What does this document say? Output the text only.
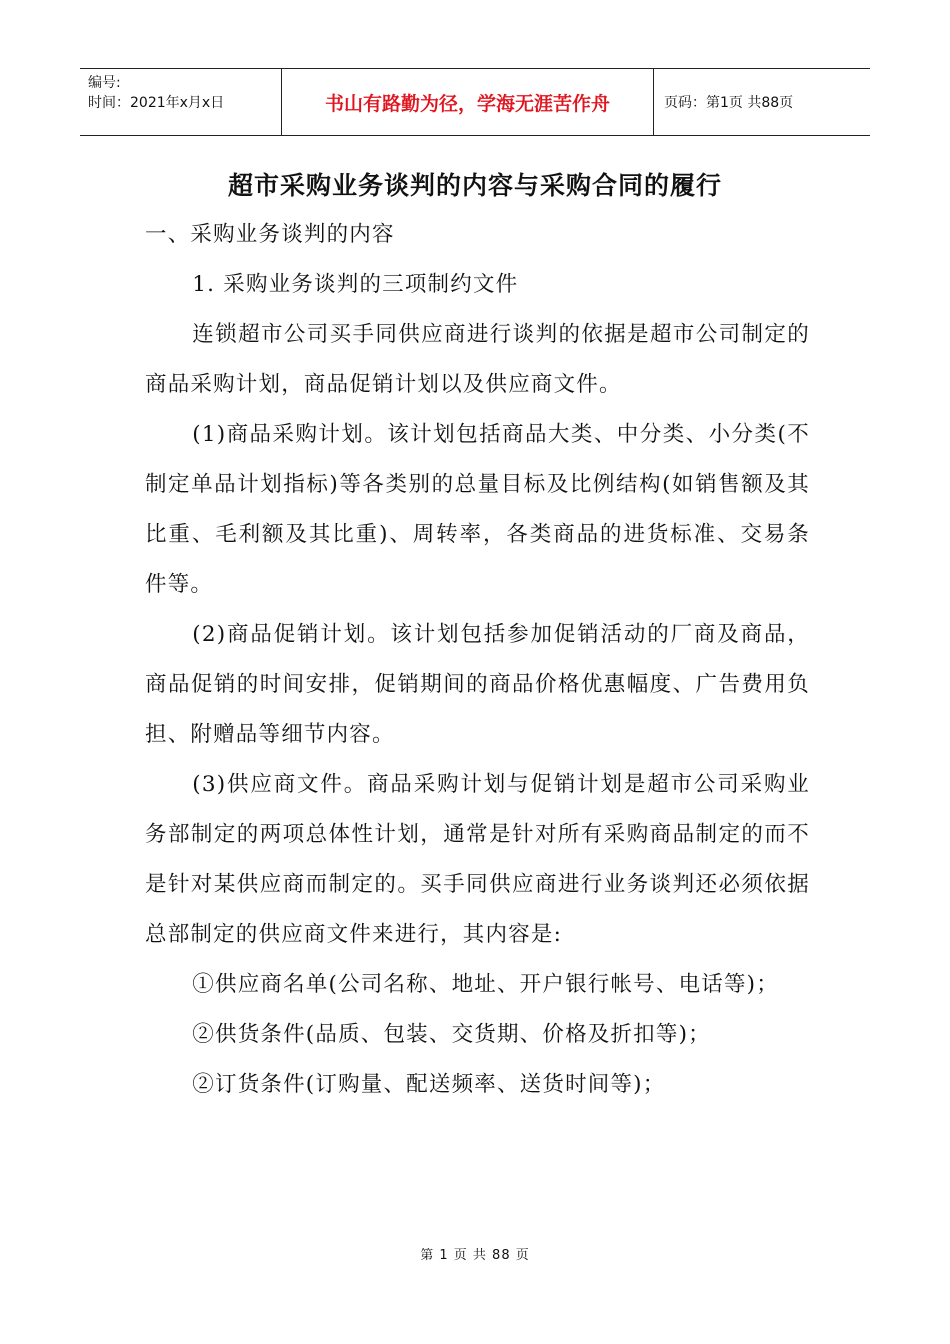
编号:
时间：2021年x月x日	书山有路勤为径，学海无涯苦作舟	页码：第1页 共88页
超市采购业务谈判的内容与采购合同的履行

一、采购业务谈判的内容

1. 采购业务谈判的三项制约文件

连锁超市公司买手同供应商进行谈判的依据是超市公司制定的商品采购计划，商品促销计划以及供应商文件。

(1)商品采购计划。该计划包括商品大类、中分类、小分类(不制定单品计划指标)等各类别的总量目标及比例结构(如销售额及其比重、毛利额及其比重)、周转率，各类商品的进货标准、交易条件等。

(2)商品促销计划。该计划包括参加促销活动的厂商及商品，商品促销的时间安排，促销期间的商品价格优惠幅度、广告费用负担、附赠品等细节内容。

(3)供应商文件。商品采购计划与促销计划是超市公司采购业务部制定的两项总体性计划，通常是针对所有采购商品制定的而不是针对某供应商而制定的。买手同供应商进行业务谈判还必须依据总部制定的供应商文件来进行，其内容是:

①供应商名单(公司名称、地址、开户银行帐号、电话等)；

②供货条件(品质、包装、交货期、价格及折扣等)；

②订货条件(订购量、配送频率、送货时间等)；

第 1 页 共 88 页
